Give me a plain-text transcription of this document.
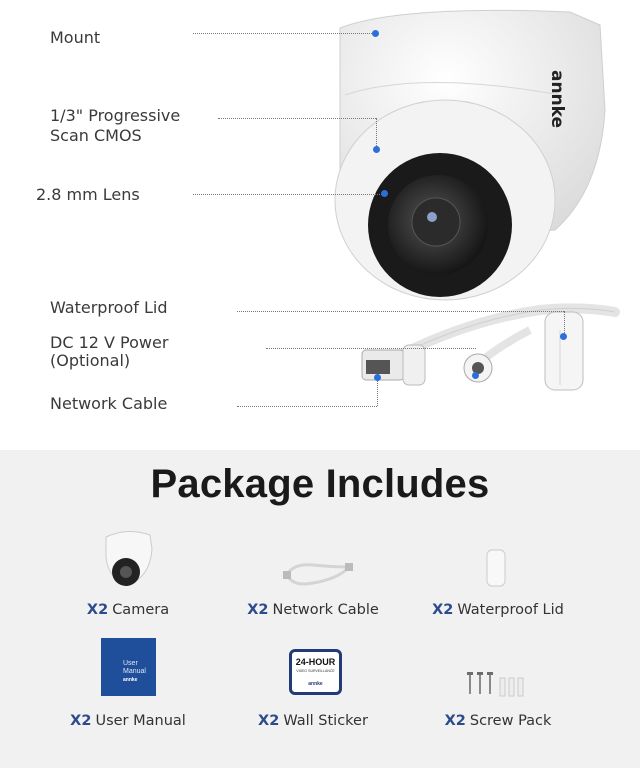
annke
Mount
1/3" Progressive
Scan CMOS
2.8 mm Lens
Waterproof Lid
DC 12 V Power
(Optional)
Network Cable
Package Includes
User
Manual
annke
24-HOUR
VIDEO SURVEILLANCE
annke
X2 Camera	X2 Network Cable	X2 Waterproof Lid
X2 User Manual	X2 Wall Sticker	X2 Screw Pack
